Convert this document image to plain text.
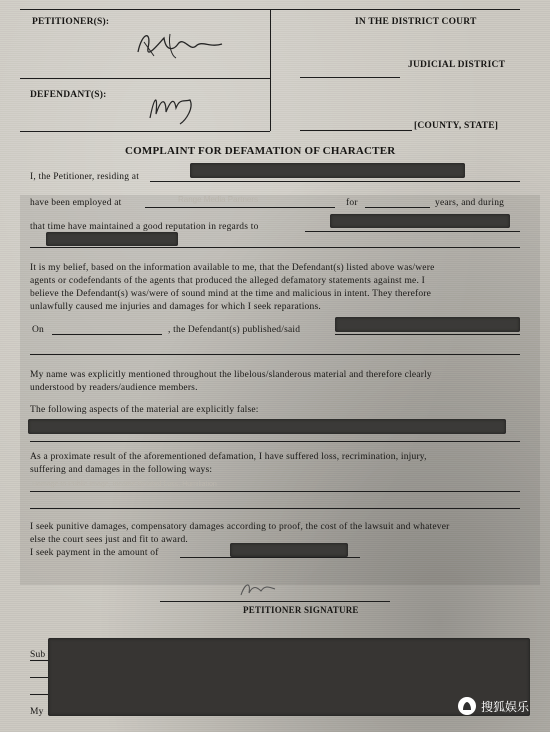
PETITIONER(S):	IN THE DISTRICT COURT
JUDICIAL DISTRICT
DEFENDANT(S):
[COUNTY, STATE]
COMPLAINT FOR DEFAMATION OF CHARACTER
I, the Petitioner, residing at
have been employed at	Range Media Partners	for	years, and during
that time have maintained a good reputation in regards to
It is my belief, based on the information available to me, that the Defendant(s) listed above was/were
agents or codefendants of the agents that produced the alleged defamatory statements against me. I
believe the Defendant(s) was/were of sound mind at the time and malicious in intent. They therefore
unlawfully caused me injuries and damages for which I seek reparations.
On	, the Defendant(s) published/said
My name was explicitly mentioned throughout the libelous/slanderous material and therefore clearly
understood by readers/audience members.
The following aspects of the material are explicitly false:
As a proximate result of the aforementioned defamation, I have suffered loss, recrimination, injury,
suffering and damages in the following ways:
Damage to Public Image, Income Related Loss, Humiliation
I seek punitive damages, compensatory damages according to proof, the cost of the lawsuit and whatever
else the court sees just and fit to award.
I seek payment in the amount of
PETITIONER SIGNATURE
Sub
My	搜狐娱乐
